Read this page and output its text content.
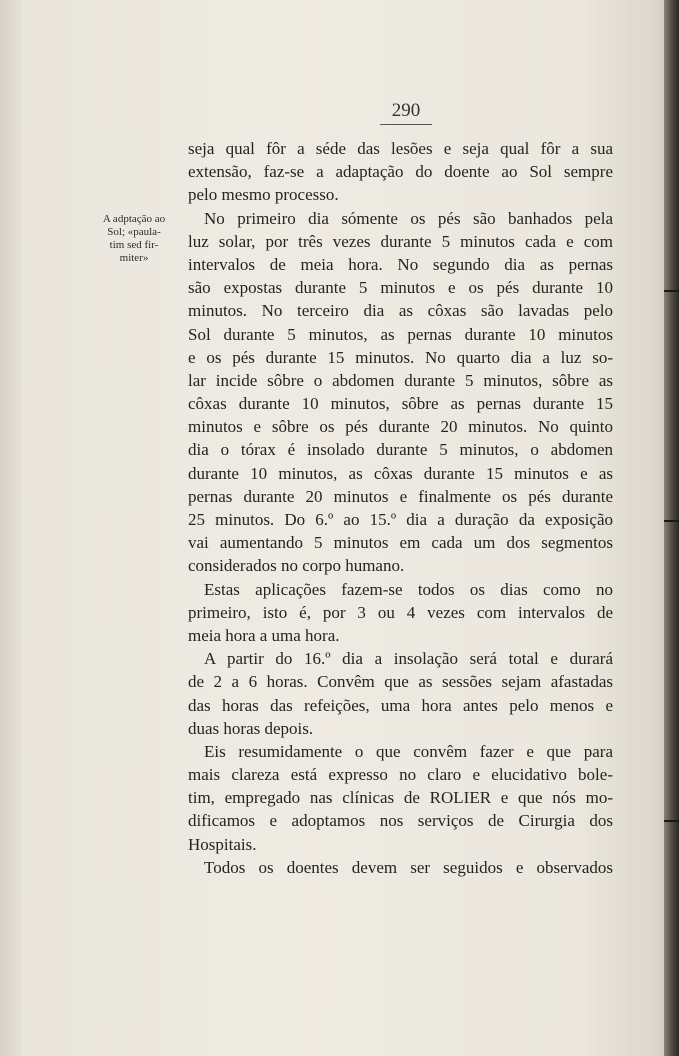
290
A adptação ao
Sol; «paula-
tim sed fir-
miter»
seja qual fôr a séde das lesões e seja qual fôr a sua
extensão, faz-se a adaptação do doente ao Sol sempre
pelo mesmo processo.
No primeiro dia sómente os pés são banhados pela
luz solar, por três vezes durante 5 minutos cada e com
intervalos de meia hora. No segundo dia as pernas
são expostas durante 5 minutos e os pés durante 10
minutos. No terceiro dia as côxas são lavadas pelo
Sol durante 5 minutos, as pernas durante 10 minutos
e os pés durante 15 minutos. No quarto dia a luz so-
lar incide sôbre o abdomen durante 5 minutos, sôbre as
côxas durante 10 minutos, sôbre as pernas durante 15
minutos e sôbre os pés durante 20 minutos. No quinto
dia o tórax é insolado durante 5 minutos, o abdomen
durante 10 minutos, as côxas durante 15 minutos e as
pernas durante 20 minutos e finalmente os pés durante
25 minutos. Do 6.º ao 15.º dia a duração da exposição
vai aumentando 5 minutos em cada um dos segmentos
considerados no corpo humano.
Estas aplicações fazem-se todos os dias como no
primeiro, isto é, por 3 ou 4 vezes com intervalos de
meia hora a uma hora.
A partir do 16.º dia a insolação será total e durará
de 2 a 6 horas. Convêm que as sessões sejam afastadas
das horas das refeições, uma hora antes pelo menos e
duas horas depois.
Eis resumidamente o que convêm fazer e que para
mais clareza está expresso no claro e elucidativo bole-
tim, empregado nas clínicas de ROLIER e que nós mo-
dificamos e adoptamos nos serviços de Cirurgia dos
Hospitais.
Todos os doentes devem ser seguidos e observados
